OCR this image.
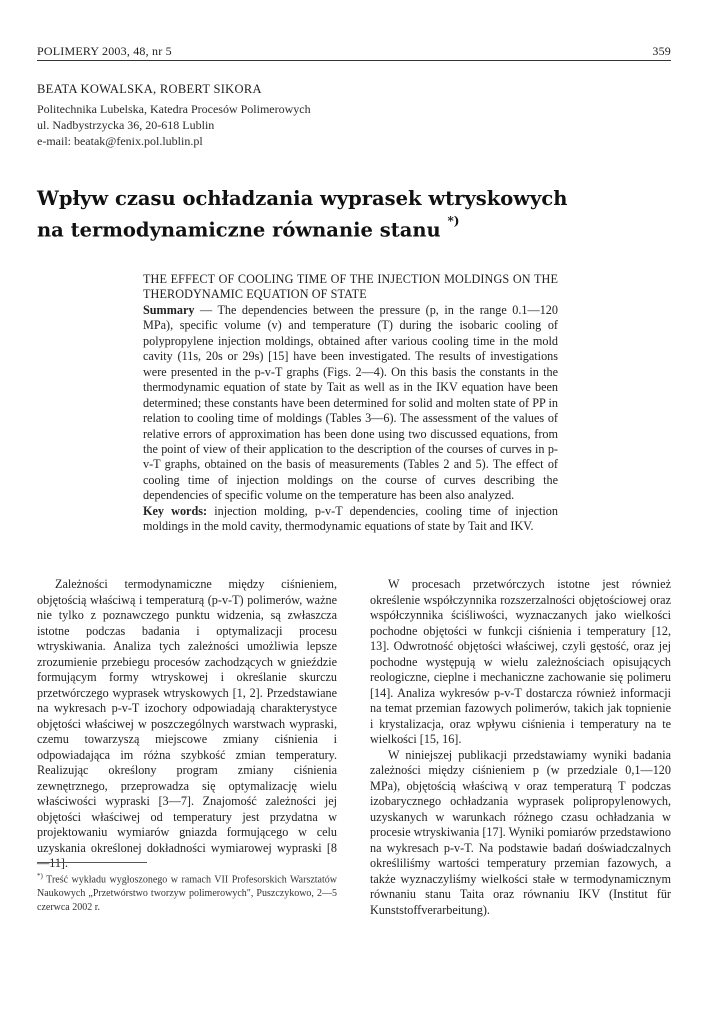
POLIMERY 2003, 48, nr 5	359
BEATA KOWALSKA, ROBERT SIKORA
Politechnika Lubelska, Katedra Procesów Polimerowych
ul. Nadbystrzycka 36, 20-618 Lublin
e-mail: beatak@fenix.pol.lublin.pl
Wpływ czasu ochładzania wyprasek wtryskowych
na termodynamiczne równanie stanu *)
THE EFFECT OF COOLING TIME OF THE INJECTION MOLDINGS ON THE THERODYNAMIC EQUATION OF STATE
Summary — The dependencies between the pressure (p, in the range 0.1—120 MPa), specific volume (v) and temperature (T) during the isobaric cooling of polypropylene injection moldings, obtained after various cooling time in the mold cavity (11s, 20s or 29s) [15] have been investigated. The results of investigations were presented in the p-v-T graphs (Figs. 2—4). On this basis the constants in the thermodynamic equation of state by Tait as well as in the IKV equation have been determined; these constants have been determined for solid and molten state of PP in relation to cooling time of moldings (Tables 3—6). The assessment of the values of relative errors of approximation has been done using two discussed equations, from the point of view of their application to the description of the courses of curves in p-v-T graphs, obtained on the basis of measurements (Tables 2 and 5). The effect of cooling time of injection moldings on the course of curves describing the dependencies of specific volume on the temperature has been also analyzed.
Key words: injection molding, p-v-T dependencies, cooling time of injection moldings in the mold cavity, thermodynamic equations of state by Tait and IKV.

Zależności termodynamiczne między ciśnieniem, objętością właściwą i temperaturą (p-v-T) polimerów, ważne nie tylko z poznawczego punktu widzenia, są zwłaszcza istotne podczas badania i optymalizacji procesu wtryskiwania. Analiza tych zależności umożliwia lepsze zrozumienie przebiegu procesów zachodzących w gnieździe formującym formy wtryskowej i określanie skurczu przetwórczego wyprasek wtryskowych [1, 2]. Przedstawiane na wykresach p-v-T izochory odpowiadają charakterystyce objętości właściwej w poszczególnych warstwach wypraski, czemu towarzyszą miejscowe zmiany ciśnienia i odpowiadająca im różna szybkość zmian temperatury. Realizując określony program zmiany ciśnienia zewnętrznego, przeprowadza się optymalizację wielu właściwości wypraski [3—7]. Znajomość zależności jej objętości właściwej od temperatury jest przydatna w projektowaniu wymiarów gniazda formującego w celu uzyskania określonej dokładności wymiarowej wypraski [8—11].

W procesach przetwórczych istotne jest również określenie współczynnika rozszerzalności objętościowej oraz współczynnika ściśliwości, wyznaczanych jako wielkości pochodne objętości w funkcji ciśnienia i temperatury [12, 13]. Odwrotność objętości właściwej, czyli gęstość, oraz jej pochodne występują w wielu zależnościach opisujących reologiczne, cieplne i mechaniczne zachowanie się polimeru [14]. Analiza wykresów p-v-T dostarcza również informacji na temat przemian fazowych polimerów, takich jak topnienie i krystalizacja, oraz wpływu ciśnienia i temperatury na te wielkości [15, 16].

W niniejszej publikacji przedstawiamy wyniki badania zależności między ciśnieniem p (w przedziale 0,1—120 MPa), objętością właściwą v oraz temperaturą T podczas izobarycznego ochładzania wyprasek polipropylenowych, uzyskanych w warunkach różnego czasu ochładzania w procesie wtryskiwania [17]. Wyniki pomiarów przedstawiono na wykresach p-v-T. Na podstawie badań doświadczalnych określiliśmy wartości temperatury przemian fazowych, a także wyznaczyliśmy wielkości stałe w termodynamicznym równaniu stanu Taita oraz równaniu IKV (Institut für Kunststoffverarbeitung).

*) Treść wykładu wygłoszonego w ramach VII Profesorskich Warsztatów Naukowych „Przetwórstwo tworzyw polimerowych", Puszczykowo, 2—5 czerwca 2002 r.
